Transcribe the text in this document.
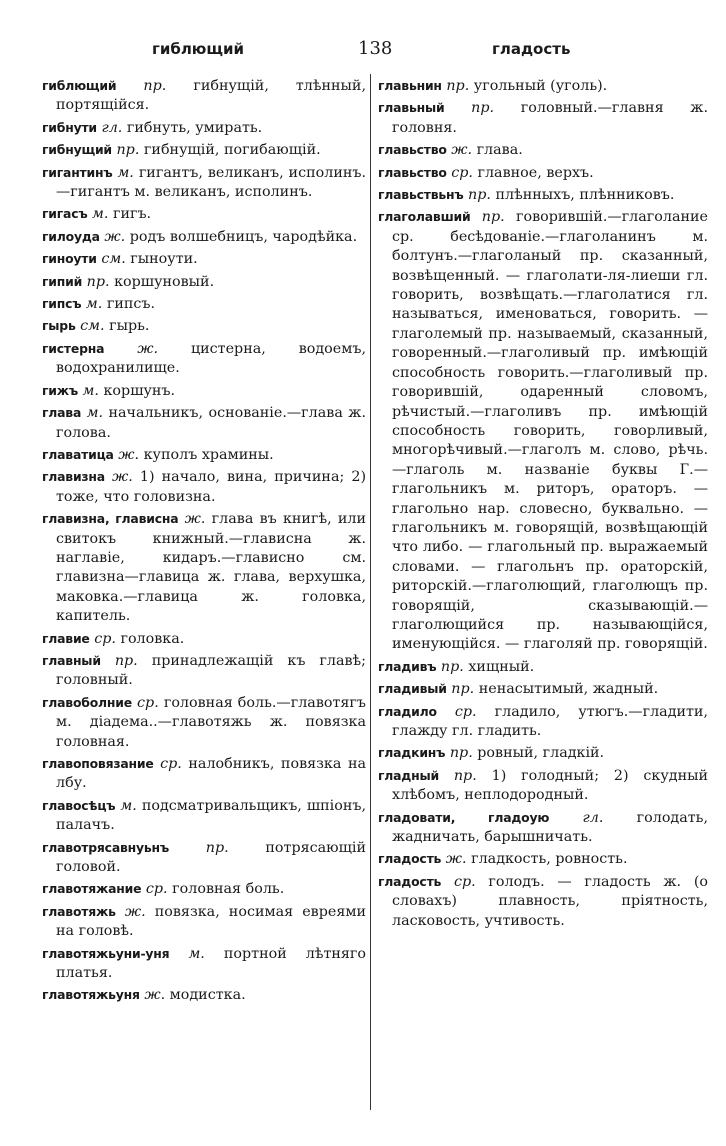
гиблющий	138	гладость

гиблющий пр. гибнущій, тлѣнный, портящійся.

гибнути гл. гибнуть, умирать.

гибнущий пр. гибнущій, погибающій.

гигантинъ м. гигантъ, великанъ, исполинъ.—гигантъ м. великанъ, исполинъ.

гигасъ м. гигъ.

гилоуда ж. родъ волшебницъ, чародѣйка.

гиноути см. гыноути.

гипий пр. коршуновый.

гипсъ м. гипсъ.

гырь см. гырь.

гистерна ж. цистерна, водоемъ, водохранилище.

гижъ м. коршунъ.

глава м. начальникъ, основаніе.—глава ж. голова.

главатица ж. куполъ храмины.

главизна ж. 1) начало, вина, причина; 2) тоже, что головизна.

главизна, глависна ж. глава въ книгѣ, или свитокъ книжный.—глависна ж. наглавіе, кидаръ.—глависно см. главизна—главица ж. глава, верхушка, маковка.—главица ж. головка, капитель.

главие ср. головка.

главный пр. принадлежащій къ главѣ; головный.

главоболние ср. головная боль.—главотягъ м. діадема..—главотяжь ж. повязка головная.

главоповязание ср. налобникъ, повязка на лбу.

главосѣцъ м. подсматривальщикъ, шпіонъ, палачъ.

главотрясавнуьнъ	пр.	потрясающій головой.

главотяжание ср. головная боль.

главотяжь ж. повязка, носимая евреями на головѣ.

главотяжьуни-уня м. портной лѣтняго платья.

главотяжьуня ж. модистка.

главьнин пр. угольный (уголь).

главьный пр. головный.—главня ж. головня.

главьство ж. глава.

главьство ср. главное, верхъ.

главьствьнъ пр. плѣнныхъ, плѣнниковъ.

глаголавший пр. говорившій.—глаголание ср. бесѣдованіе.—глаголанинъ м. болтунъ.—глаголаный пр. сказанный, возвѣщенный. — глаголати-ля-лиеши гл. говорить, возвѣщать.—глаголатися гл. называться, именоваться, говорить. — глаголемый пр. называемый, сказанный, говоренный.—глаголивый пр. имѣющій способность говорить.—глаголивый пр. говорившій, одаренный словомъ, рѣчистый.—глаголивъ пр. имѣющій способность говорить, говорливый, многорѣчивый.—глаголъ м. слово, рѣчь. —глаголь м. названіе буквы Г.—глагольникъ м. риторъ, ораторъ. — глагольно нар. словесно, буквально. — глагольникъ м. говорящій, возвѣщающій что либо. — глагольный пр. выражаемый словами. — глагольнъ пр. ораторскій, риторскій.—глаголющий, глаголющъ пр. говорящій, сказывающій.— глаголющийся пр. называющійся, именующійся. — глаголяй пр. говорящій.

гладивъ пр. хищный.

гладивый пр. ненасытимый, жадный.

гладило ср. гладило, утюгъ.—гладити, глажду гл. гладить.

гладкинъ пр. ровный, гладкій.

гладный пр. 1) голодный; 2) скудный хлѣбомъ, неплодородный.

гладовати, гладоую гл. голодать, жадничать, барышничать.

гладость ж. гладкость, ровность.

гладость ср. голодъ. — гладость ж. (о словахъ) плавность, пріятность, ласковость, учтивость.
